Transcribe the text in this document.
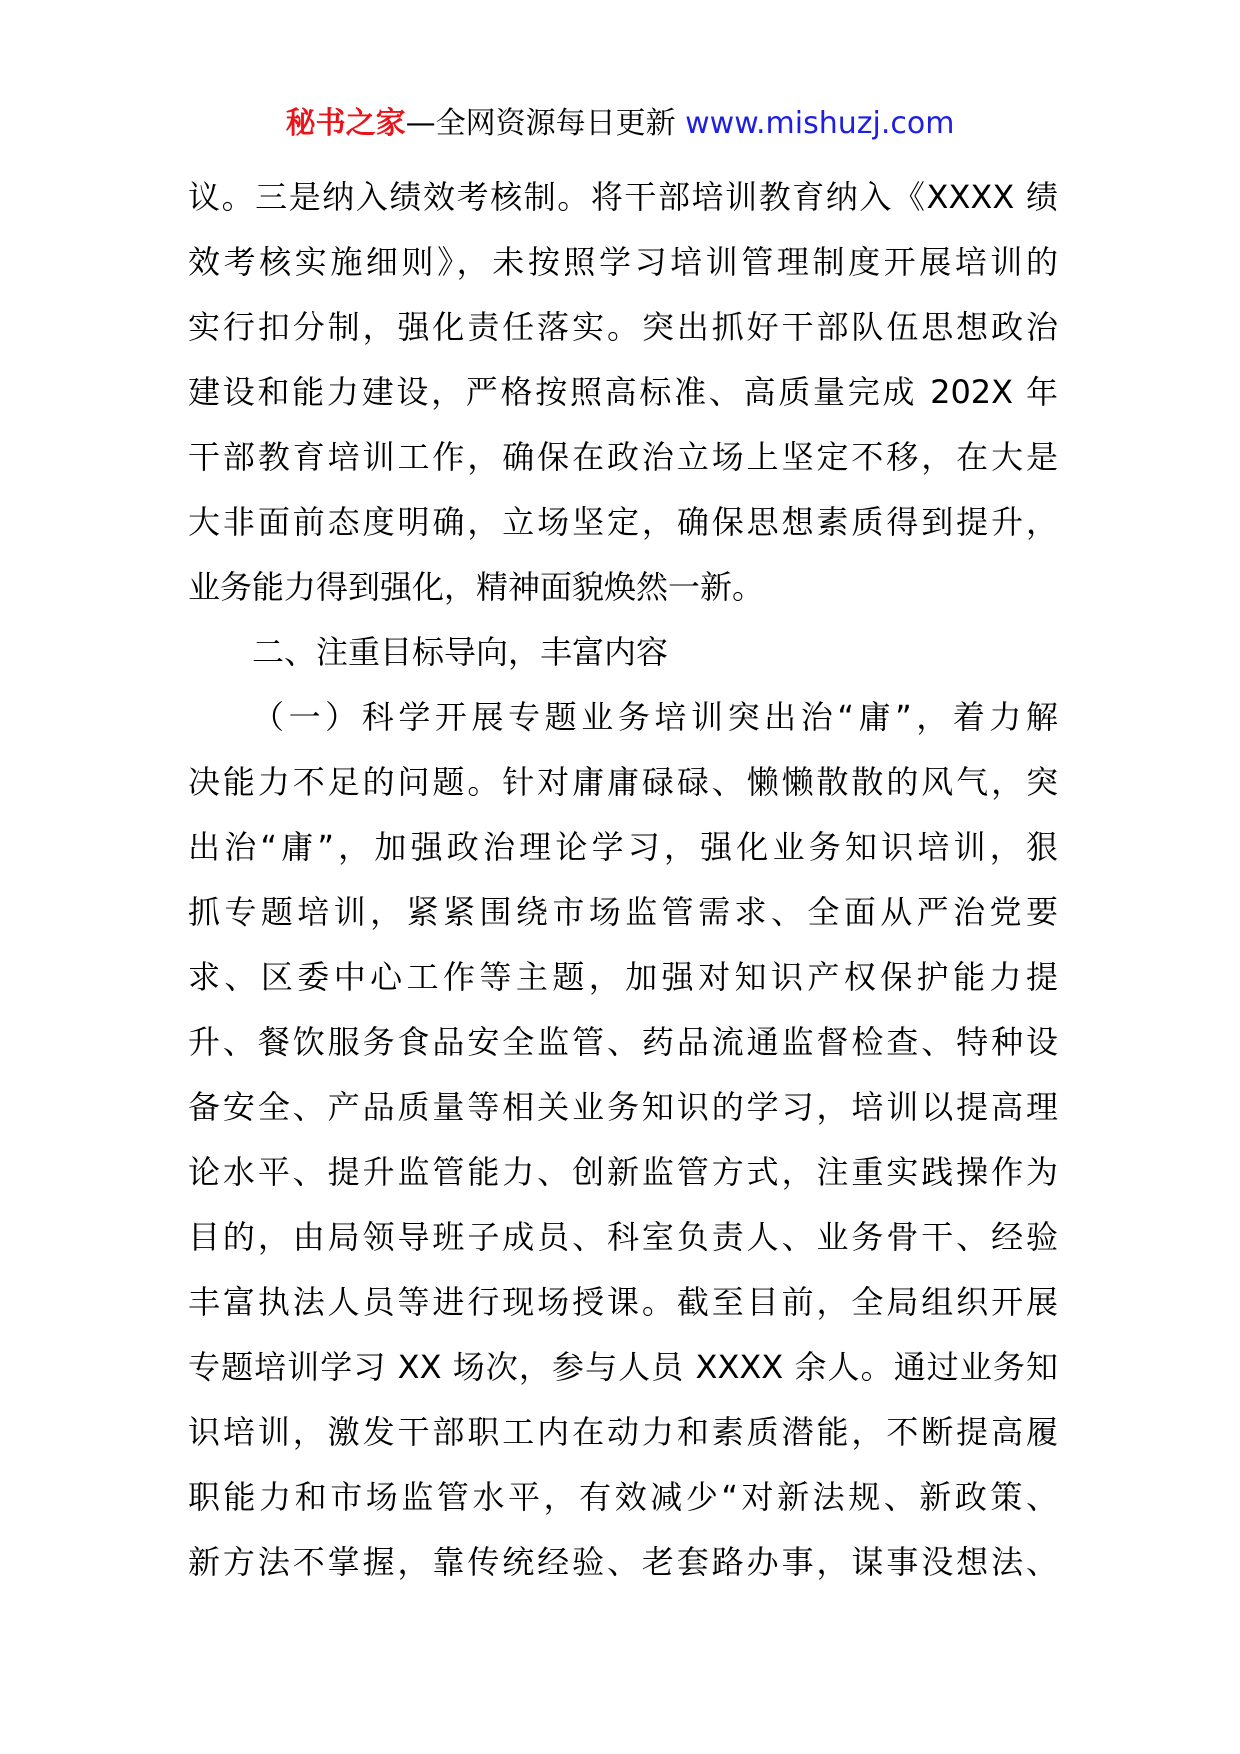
秘书之家—全网资源每日更新 www.mishuzj.com
议。三是纳入绩效考核制。将干部培训教育纳入《XXXX 绩
效考核实施细则》，未按照学习培训管理制度开展培训的
实行扣分制，强化责任落实。突出抓好干部队伍思想政治
建设和能力建设，严格按照高标准、高质量完成 202X 年
干部教育培训工作，确保在政治立场上坚定不移，在大是
大非面前态度明确，立场坚定，确保思想素质得到提升，
业务能力得到强化，精神面貌焕然一新。
二、注重目标导向，丰富内容
（一）科学开展专题业务培训突出治“庸”，着力解
决能力不足的问题。针对庸庸碌碌、懒懒散散的风气，突
出治“庸”，加强政治理论学习，强化业务知识培训，狠
抓专题培训，紧紧围绕市场监管需求、全面从严治党要
求、区委中心工作等主题，加强对知识产权保护能力提
升、餐饮服务食品安全监管、药品流通监督检查、特种设
备安全、产品质量等相关业务知识的学习，培训以提高理
论水平、提升监管能力、创新监管方式，注重实践操作为
目的，由局领导班子成员、科室负责人、业务骨干、经验
丰富执法人员等进行现场授课。截至目前，全局组织开展
专题培训学习 XX 场次，参与人员 XXXX 余人。通过业务知
识培训，激发干部职工内在动力和素质潜能，不断提高履
职能力和市场监管水平，有效减少“对新法规、新政策、
新方法不掌握，靠传统经验、老套路办事，谋事没想法、
